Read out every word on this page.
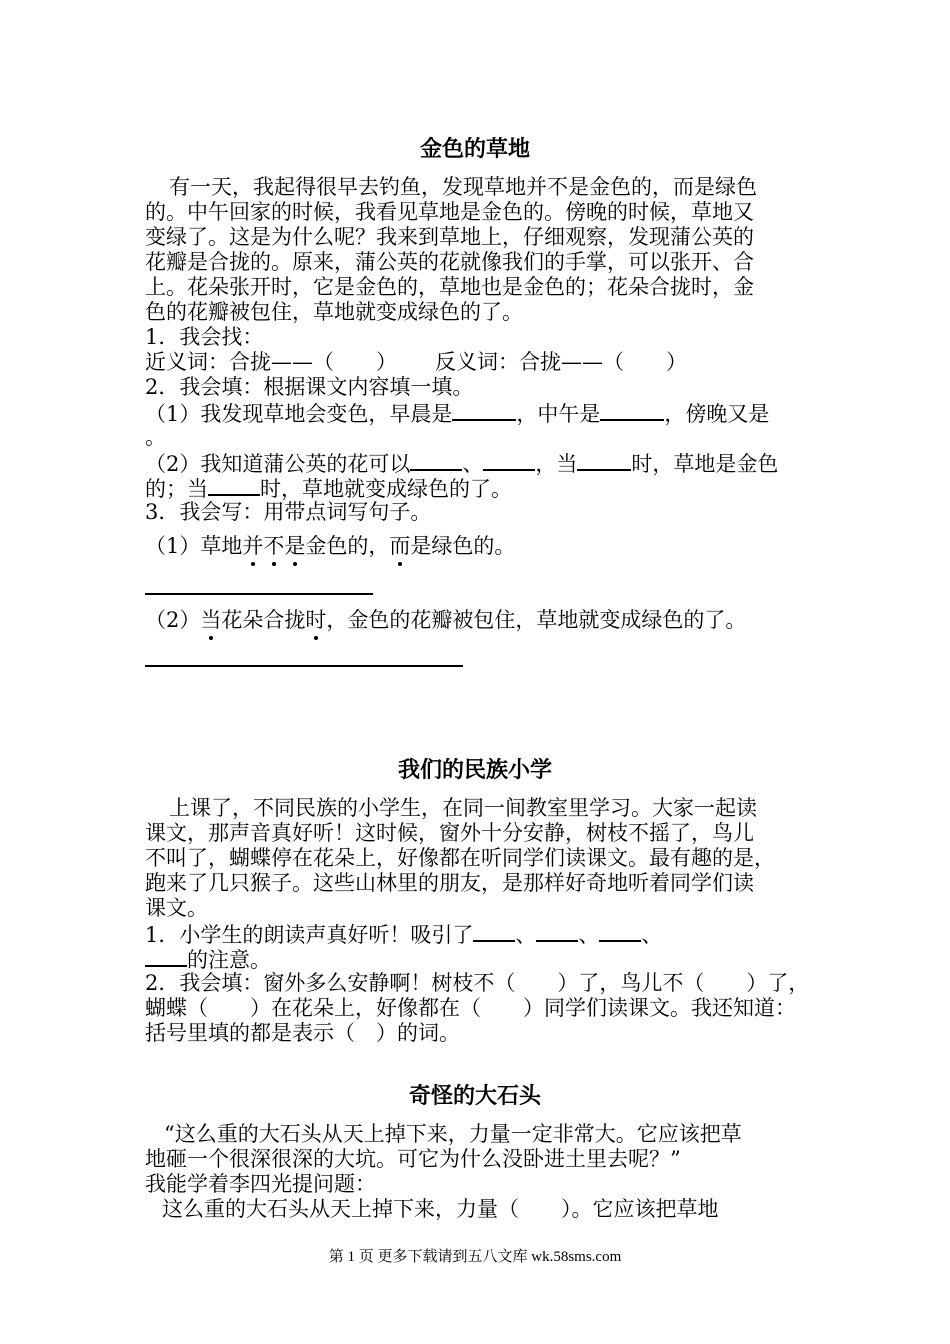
金色的草地
有一天，我起得很早去钓鱼，发现草地并不是金色的，而是绿色
的。中午回家的时候，我看见草地是金色的。傍晚的时候，草地又
变绿了。这是为什么呢？我来到草地上，仔细观察，发现蒲公英的
花瓣是合拢的。原来，蒲公英的花就像我们的手掌，可以张开、合
上。花朵张开时，它是金色的，草地也是金色的；花朵合拢时，金
色的花瓣被包住，草地就变成绿色的了。
1．我会找：
近义词：合拢——（　　） 反义词：合拢——（　　）
2．我会填：根据课文内容填一填。
（1）我发现草地会变色，早晨是	，中午是	，傍晚又是
。
（2）我知道蒲公英的花可以 、 ，当	时，草地是金色
的；当 时，草地就变成绿色的了。
3．我会写：用带点词写句子。
（1）草地并不是金色的，而是绿色的。
（2）当花朵合拢时，金色的花瓣被包住，草地就变成绿色的了。
我们的民族小学
上课了，不同民族的小学生，在同一间教室里学习。大家一起读
课文，那声音真好听！这时候，窗外十分安静，树枝不摇了，鸟儿
不叫了，蝴蝶停在花朵上，好像都在听同学们读课文。最有趣的是，
跑来了几只猴子。这些山林里的朋友，是那样好奇地听着同学们读
课文。
1．小学生的朗读声真好听！吸引了 、 、 、
的注意。
2．我会填：窗外多么安静啊！树枝不（　　）了，鸟儿不（　　）了，
蝴蝶（　　）在花朵上，好像都在（　　）同学们读课文。我还知道：
括号里填的都是表示（　）的词。
奇怪的大石头
“这么重的大石头从天上掉下来，力量一定非常大。它应该把草
地砸一个很深很深的大坑。可它为什么没卧进土里去呢？”
我能学着李四光提问题：
这么重的大石头从天上掉下来，力量（　　）。它应该把草地
第 1 页 更多下载请到五八文库 wk.58sms.com
